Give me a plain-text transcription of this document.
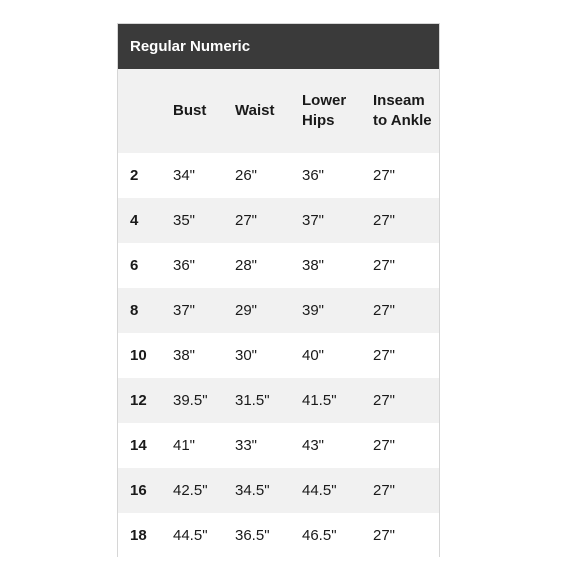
Regular Numeric
	Bust	Waist	Lower Hips	Inseam to Ankle
2	34"	26"	36"	27"
4	35"	27"	37"	27"
6	36"	28"	38"	27"
8	37"	29"	39"	27"
10	38"	30"	40"	27"
12	39.5"	31.5"	41.5"	27"
14	41"	33"	43"	27"
16	42.5"	34.5"	44.5"	27"
18	44.5"	36.5"	46.5"	27"
